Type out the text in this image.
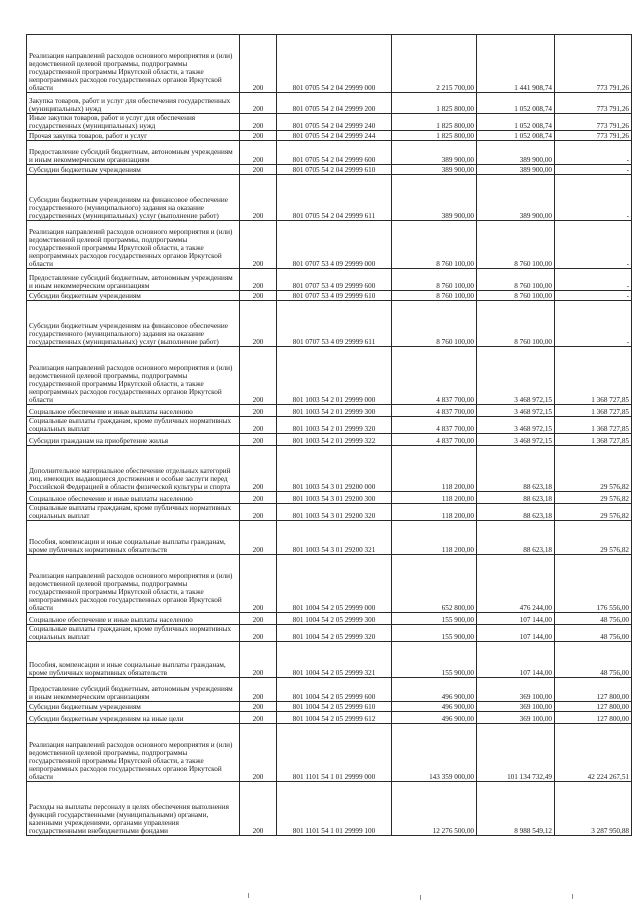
Реализация направлений расходов основного мероприятия и (или) ведомственной целевой программы, подпрограммы государственной программы Иркутской области, а также непрограммных расходов государственных органов Иркутской области	200	801 0705 54 2 04 29999 000	2 215 700,00	1 441 908,74	773 791,26
Закупка товаров, работ и услуг для обеспечения государственных (муниципальных) нужд	200	801 0705 54 2 04 29999 200	1 825 800,00	1 052 008,74	773 791,26
Иные закупки товаров, работ и услуг для обеспечения государственных (муниципальных) нужд	200	801 0705 54 2 04 29999 240	1 825 800,00	1 052 008,74	773 791,26
Прочая закупка товаров, работ и услуг	200	801 0705 54 2 04 29999 244	1 825 800,00	1 052 008,74	773 791,26
Предоставление субсидий бюджетным, автономным учреждениям и иным некоммерческим организациям	200	801 0705 54 2 04 29999 600	389 900,00	389 900,00	-
Субсидии бюджетным учреждениям	200	801 0705 54 2 04 29999 610	389 900,00	389 900,00	-
Субсидии бюджетным учреждениям на финансовое обеспечение государственного (муниципального) задания на оказание государственных (муниципальных) услуг (выполнение работ)	200	801 0705 54 2 04 29999 611	389 900,00	389 900,00	-
Реализация направлений расходов основного мероприятия и (или) ведомственной целевой программы, подпрограммы государственной программы Иркутской области, а также непрограммных расходов государственных органов Иркутской области	200	801 0707 53 4 09 29999 000	8 760 100,00	8 760 100,00	-
Предоставление субсидий бюджетным, автономным учреждениям и иным некоммерческим организациям	200	801 0707 53 4 09 29999 600	8 760 100,00	8 760 100,00	-
Субсидии бюджетным учреждениям	200	801 0707 53 4 09 29999 610	8 760 100,00	8 760 100,00	-
Субсидии бюджетным учреждениям на финансовое обеспечение государственного (муниципального) задания на оказание государственных (муниципальных) услуг (выполнение работ)	200	801 0707 53 4 09 29999 611	8 760 100,00	8 760 100,00	-
Реализация направлений расходов основного мероприятия и (или) ведомственной целевой программы, подпрограммы государственной программы Иркутской области, а также непрограммных расходов государственных органов Иркутской области	200	801 1003 54 2 01 29999 000	4 837 700,00	3 468 972,15	1 368 727,85
Социальное обеспечение и иные выплаты населению	200	801 1003 54 2 01 29999 300	4 837 700,00	3 468 972,15	1 368 727,85
Социальные выплаты гражданам, кроме публичных нормативных социальных выплат	200	801 1003 54 2 01 29999 320	4 837 700,00	3 468 972,15	1 368 727,85
Субсидии гражданам на приобретение жилья	200	801 1003 54 2 01 29999 322	4 837 700,00	3 468 972,15	1 368 727,85
Дополнительное материальное обеспечение отдельных категорий лиц, имеющих выдающиеся достижения и особые заслуги перед Российской Федерацией в области физической культуры и спорта	200	801 1003 54 3 01 29200 000	118 200,00	88 623,18	29 576,82
Социальное обеспечение и иные выплаты населению	200	801 1003 54 3 01 29200 300	118 200,00	88 623,18	29 576,82
Социальные выплаты гражданам, кроме публичных нормативных социальных выплат	200	801 1003 54 3 01 29200 320	118 200,00	88 623,18	29 576,82
Пособия, компенсации и иные социальные выплаты гражданам, кроме публичных нормативных обязательств	200	801 1003 54 3 01 29200 321	118 200,00	88 623,18	29 576,82
Реализация направлений расходов основного мероприятия и (или) ведомственной целевой программы, подпрограммы государственной программы Иркутской области, а также непрограммных расходов государственных органов Иркутской области	200	801 1004 54 2 05 29999 000	652 800,00	476 244,00	176 556,00
Социальное обеспечение и иные выплаты населению	200	801 1004 54 2 05 29999 300	155 900,00	107 144,00	48 756,00
Социальные выплаты гражданам, кроме публичных нормативных социальных выплат	200	801 1004 54 2 05 29999 320	155 900,00	107 144,00	48 756,00
Пособия, компенсации и иные социальные выплаты гражданам, кроме публичных нормативных обязательств	200	801 1004 54 2 05 29999 321	155 900,00	107 144,00	48 756,00
Предоставление субсидий бюджетным, автономным учреждениям и иным некоммерческим организациям	200	801 1004 54 2 05 29999 600	496 900,00	369 100,00	127 800,00
Субсидии бюджетным учреждениям	200	801 1004 54 2 05 29999 610	496 900,00	369 100,00	127 800,00
Субсидии бюджетным учреждениям на иные цели	200	801 1004 54 2 05 29999 612	496 900,00	369 100,00	127 800,00
Реализация направлений расходов основного мероприятия и (или) ведомственной целевой программы, подпрограммы государственной программы Иркутской области, а также непрограммных расходов государственных органов Иркутской области	200	801 1101 54 1 01 29999 000	143 359 000,00	101 134 732,49	42 224 267,51
Расходы на выплаты персоналу в целях обеспечения выполнения функций государственными (муниципальными) органами, казенными учреждениями, органами управления государственными внебюджетными фондами	200	801 1101 54 1 01 29999 100	12 276 500,00	8 988 549,12	3 287 950,88
